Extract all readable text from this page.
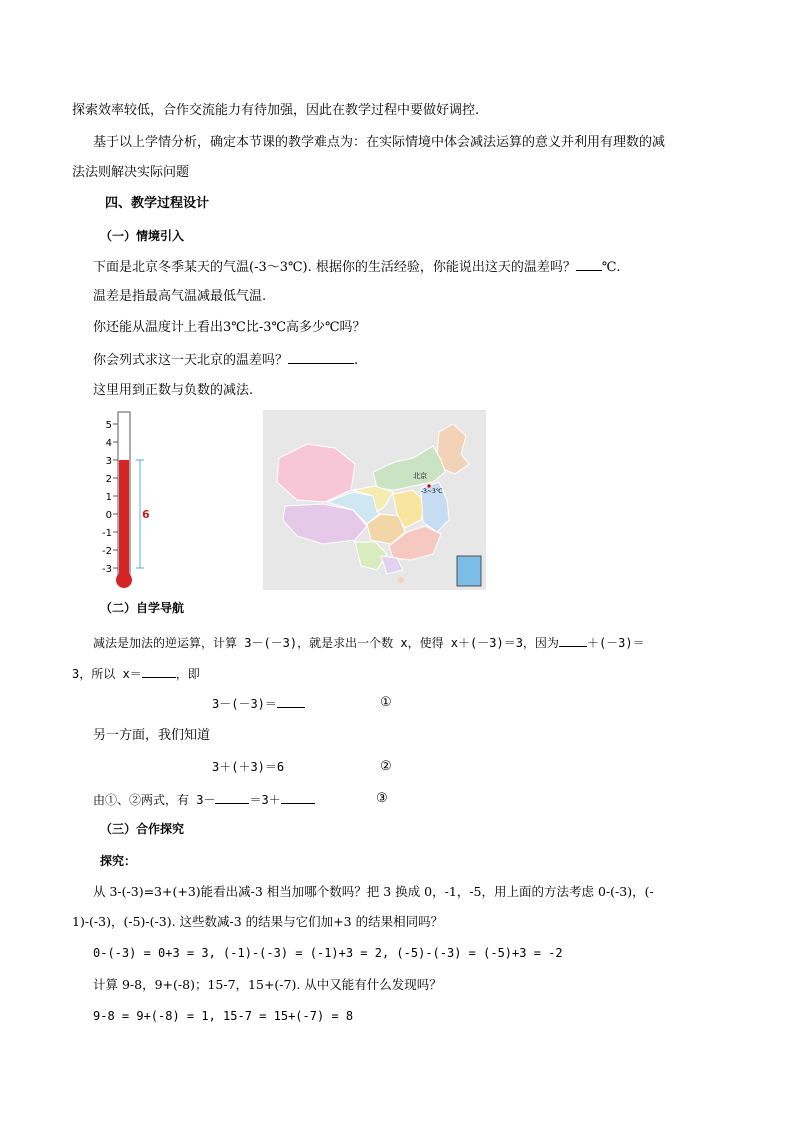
探索效率较低，合作交流能力有待加强，因此在教学过程中要做好调控.
基于以上学情分析，确定本节课的教学难点为：在实际情境中体会减法运算的意义并利用有理数的减
法法则解决实际问题
四、教学过程设计
（一）情境引入
下面是北京冬季某天的气温(-3～3℃). 根据你的生活经验，你能说出这天的温差吗？ ℃.
温差是指最高气温减最低气温.
你还能从温度计上看出3℃比-3℃高多少℃吗？
你会列式求这一天北京的温差吗？	.
这里用到正数与负数的减法.
5
4
3
2
1
0
-1
-2
-3
6
北京
-3~3℃
（二）自学导航
减法是加法的逆运算，计算 3－(－3)，就是求出一个数 x，使得 x＋(－3)＝3，因为 ＋(－3)＝
3，所以 x＝	，即
3－(－3)＝	①
另一方面，我们知道
3＋(＋3)＝6	②
由①、②两式，有 3－	＝3＋	③
（三）合作探究
探究：
从 3-(-3)=3+(+3)能看出减-3 相当加哪个数吗？把 3 换成 0，-1，-5，用上面的方法考虑 0-(-3)，(-
1)-(-3)，(-5)-(-3). 这些数减-3 的结果与它们加+3 的结果相同吗？
0-(-3) = 0+3 = 3, (-1)-(-3) = (-1)+3 = 2, (-5)-(-3) = (-5)+3 = -2
计算 9-8，9+(-8)；15-7，15+(-7). 从中又能有什么发现吗？
9-8 = 9+(-8) = 1, 15-7 = 15+(-7) = 8
